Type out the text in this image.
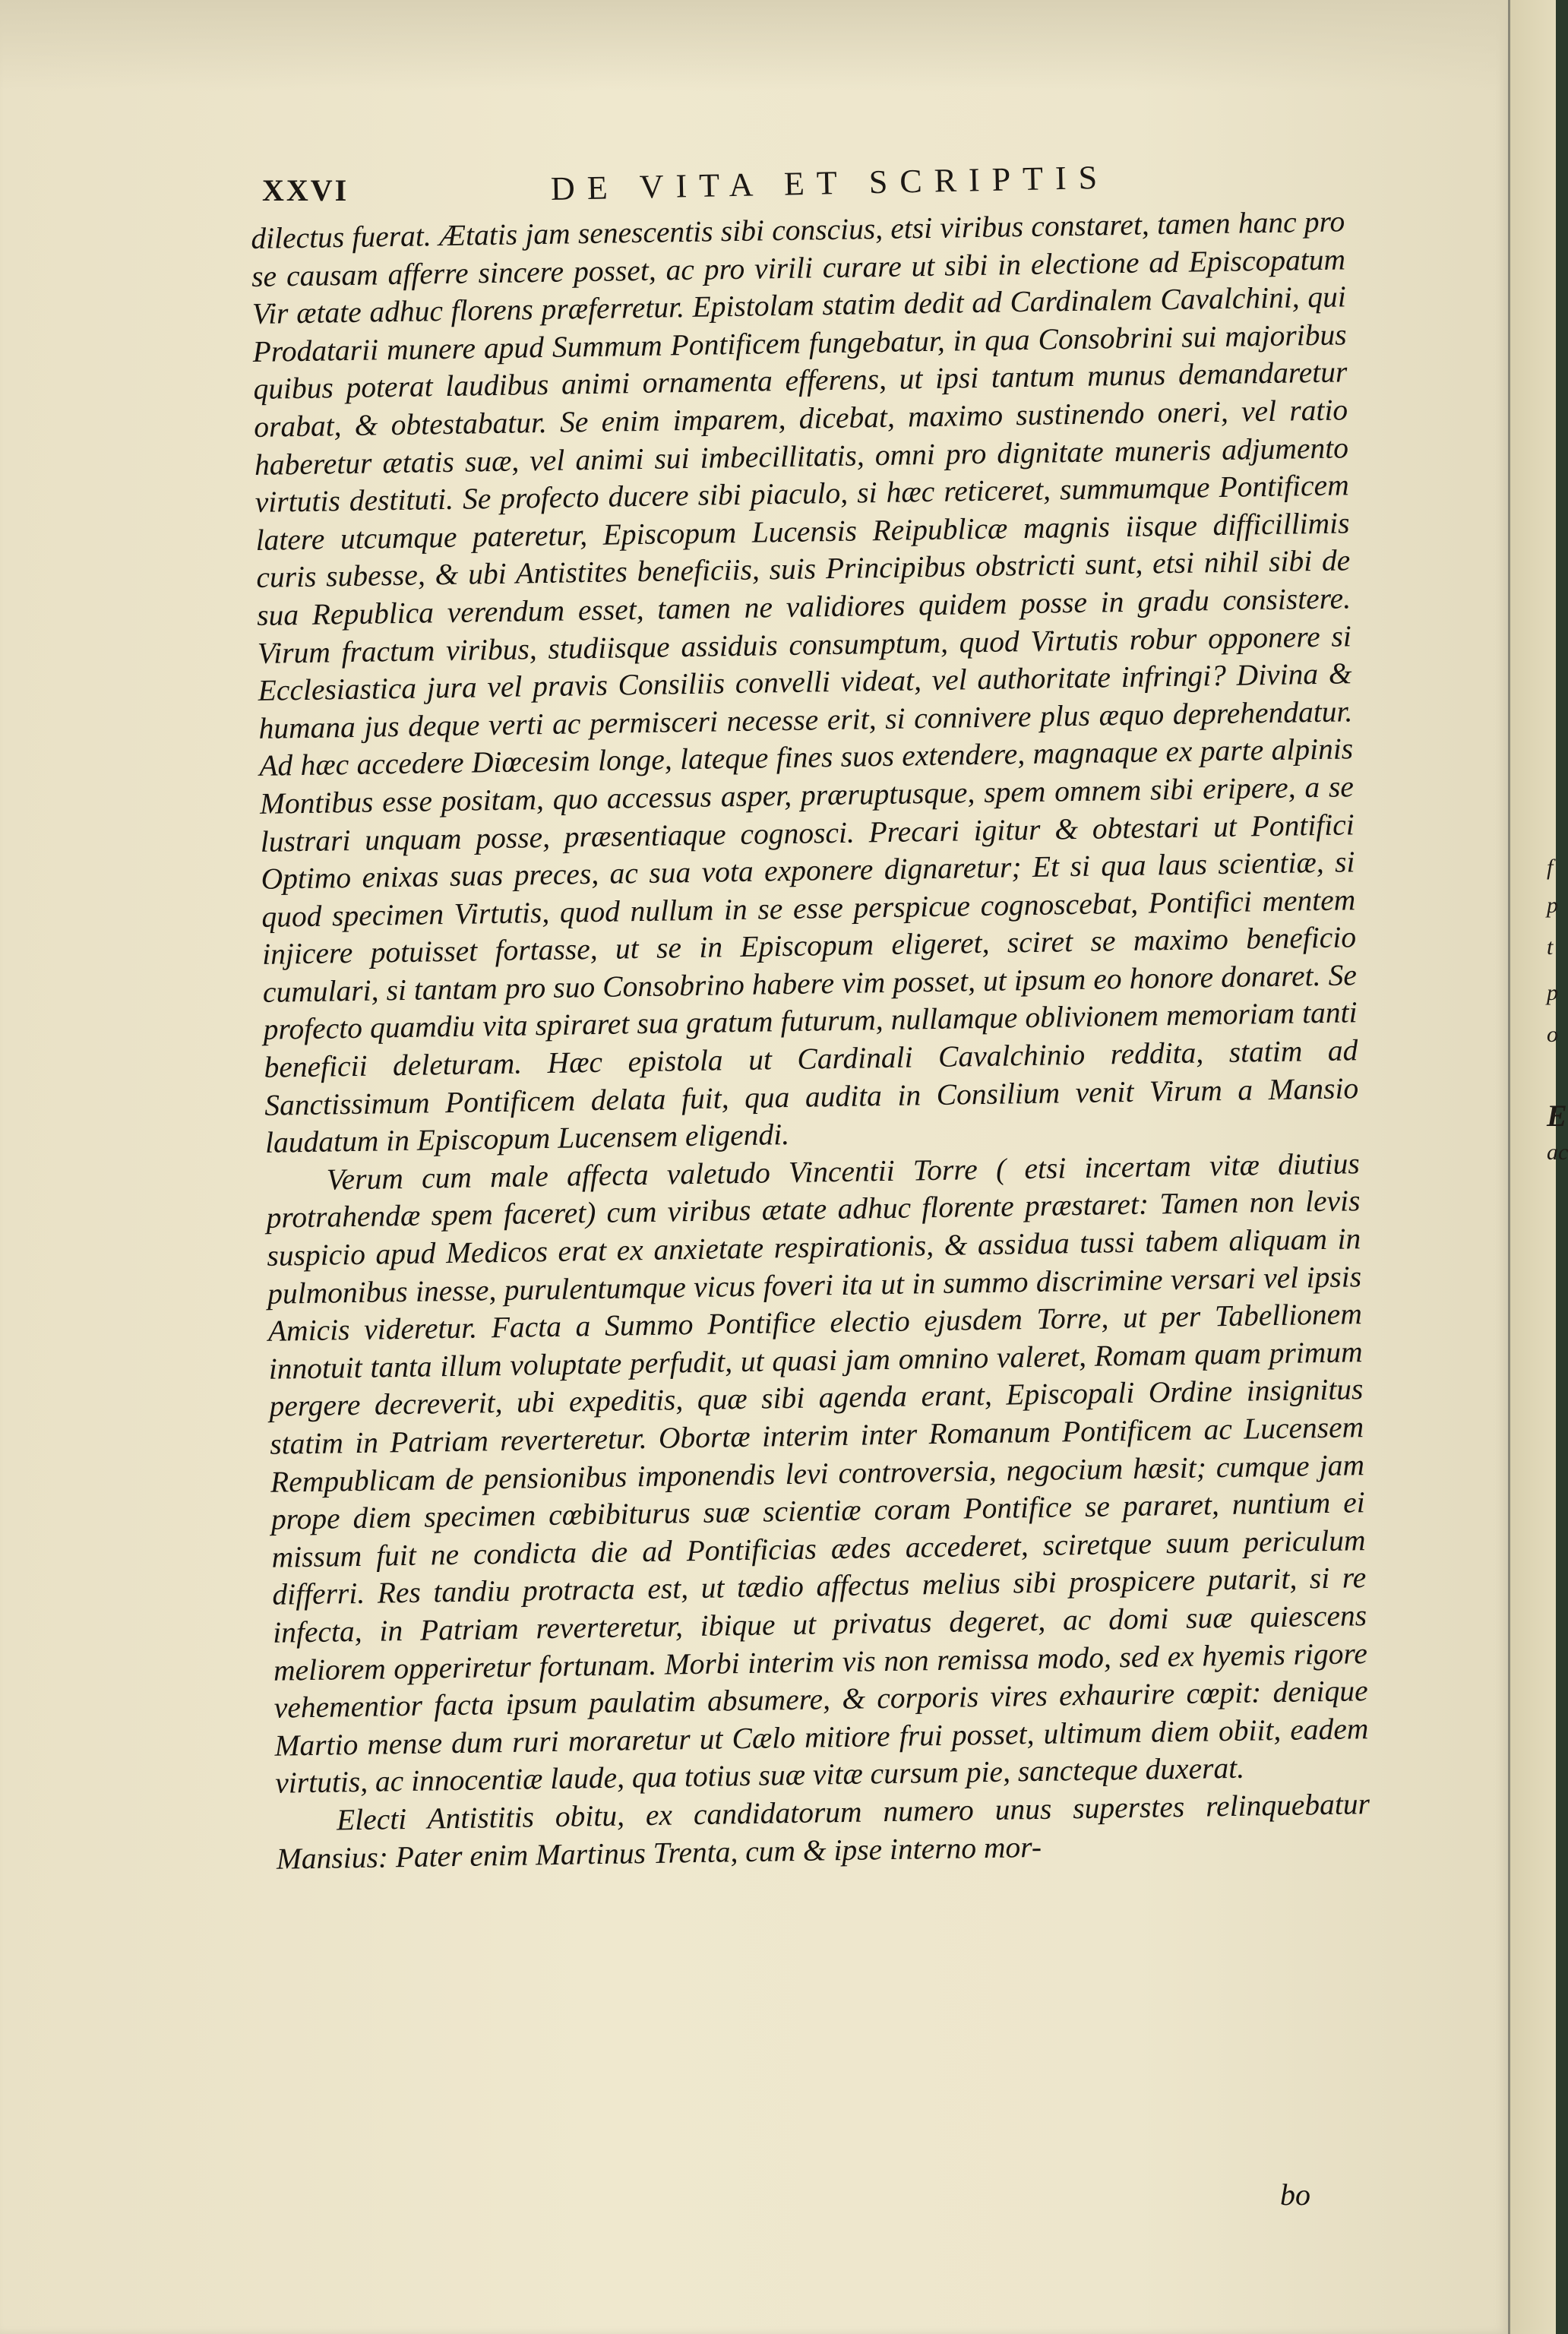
f
p
t
p
o
E
ac
XXVI	DE VITA ET SCRIPTIS

dilectus fuerat. Ætatis jam senescentis sibi conscius, etsi viribus constaret, tamen hanc pro se causam afferre sincere posset, ac pro virili curare ut sibi in electione ad Episcopatum Vir ætate adhuc florens præferretur. Epistolam statim dedit ad Cardinalem Cavalchini, qui Prodatarii munere apud Summum Pontificem fungebatur, in qua Consobrini sui majoribus quibus poterat laudibus animi ornamenta efferens, ut ipsi tantum munus demandaretur orabat, & obtestabatur. Se enim imparem, dicebat, maximo sustinendo oneri, vel ratio haberetur ætatis suæ, vel animi sui imbecillitatis, omni pro dignitate muneris adjumento virtutis destituti. Se profecto ducere sibi piaculo, si hæc reticeret, summumque Pontificem latere utcumque pateretur, Episcopum Lucensis Reipublicæ magnis iisque difficillimis curis subesse, & ubi Antistites beneficiis, suis Principibus obstricti sunt, etsi nihil sibi de sua Republica verendum esset, tamen ne validiores quidem posse in gradu consistere. Virum fractum viribus, studiisque assiduis consumptum, quod Virtutis robur opponere si Ecclesiastica jura vel pravis Consiliis convelli videat, vel authoritate infringi? Divina & humana jus deque verti ac permisceri necesse erit, si connivere plus æquo deprehendatur. Ad hæc accedere Diœcesim longe, lateque fines suos extendere, magnaque ex parte alpinis Montibus esse positam, quo accessus asper, præruptusque, spem omnem sibi eripere, a se lustrari unquam posse, præsentiaque cognosci. Precari igitur & obtestari ut Pontifici Optimo enixas suas preces, ac sua vota exponere dignaretur; Et si qua laus scientiæ, si quod specimen Virtutis, quod nullum in se esse perspicue cognoscebat, Pontifici mentem injicere potuisset fortasse, ut se in Episcopum eligeret, sciret se maximo beneficio cumulari, si tantam pro suo Consobrino habere vim posset, ut ipsum eo honore donaret. Se profecto quamdiu vita spiraret sua gratum futurum, nullamque oblivionem memoriam tanti beneficii deleturam. Hæc epistola ut Cardinali Cavalchinio reddita, statim ad Sanctissimum Pontificem delata fuit, qua audita in Consilium venit Virum a Mansio laudatum in Episcopum Lucensem eligendi.

Verum cum male affecta valetudo Vincentii Torre ( etsi incertam vitæ diutius protrahendæ spem faceret) cum viribus ætate adhuc florente præstaret: Tamen non levis suspicio apud Medicos erat ex anxietate respirationis, & assidua tussi tabem aliquam in pulmonibus inesse, purulentumque vicus foveri ita ut in summo discrimine versari vel ipsis Amicis videretur. Facta a Summo Pontifice electio ejusdem Torre, ut per Tabellionem innotuit tanta illum voluptate perfudit, ut quasi jam omnino valeret, Romam quam primum pergere decreverit, ubi expeditis, quæ sibi agenda erant, Episcopali Ordine insignitus statim in Patriam reverteretur. Obortæ interim inter Romanum Pontificem ac Lucensem Rempublicam de pensionibus imponendis levi controversia, negocium hæsit; cumque jam prope diem specimen cœbibiturus suæ scientiæ coram Pontifice se pararet, nuntium ei missum fuit ne condicta die ad Pontificias ædes accederet, sciretque suum periculum differri. Res tandiu protracta est, ut tædio affectus melius sibi prospicere putarit, si re infecta, in Patriam reverteretur, ibique ut privatus degeret, ac domi suæ quiescens meliorem opperiretur fortunam. Morbi interim vis non remissa modo, sed ex hyemis rigore vehementior facta ipsum paulatim absumere, & corporis vires exhaurire cœpit: denique Martio mense dum ruri moraretur ut Cælo mitiore frui posset, ultimum diem obiit, eadem virtutis, ac innocentiæ laude, qua totius suæ vitæ cursum pie, sancteque duxerat.

Electi Antistitis obitu, ex candidatorum numero unus superstes relinquebatur Mansius: Pater enim Martinus Trenta, cum & ipse interno mor-

bo
